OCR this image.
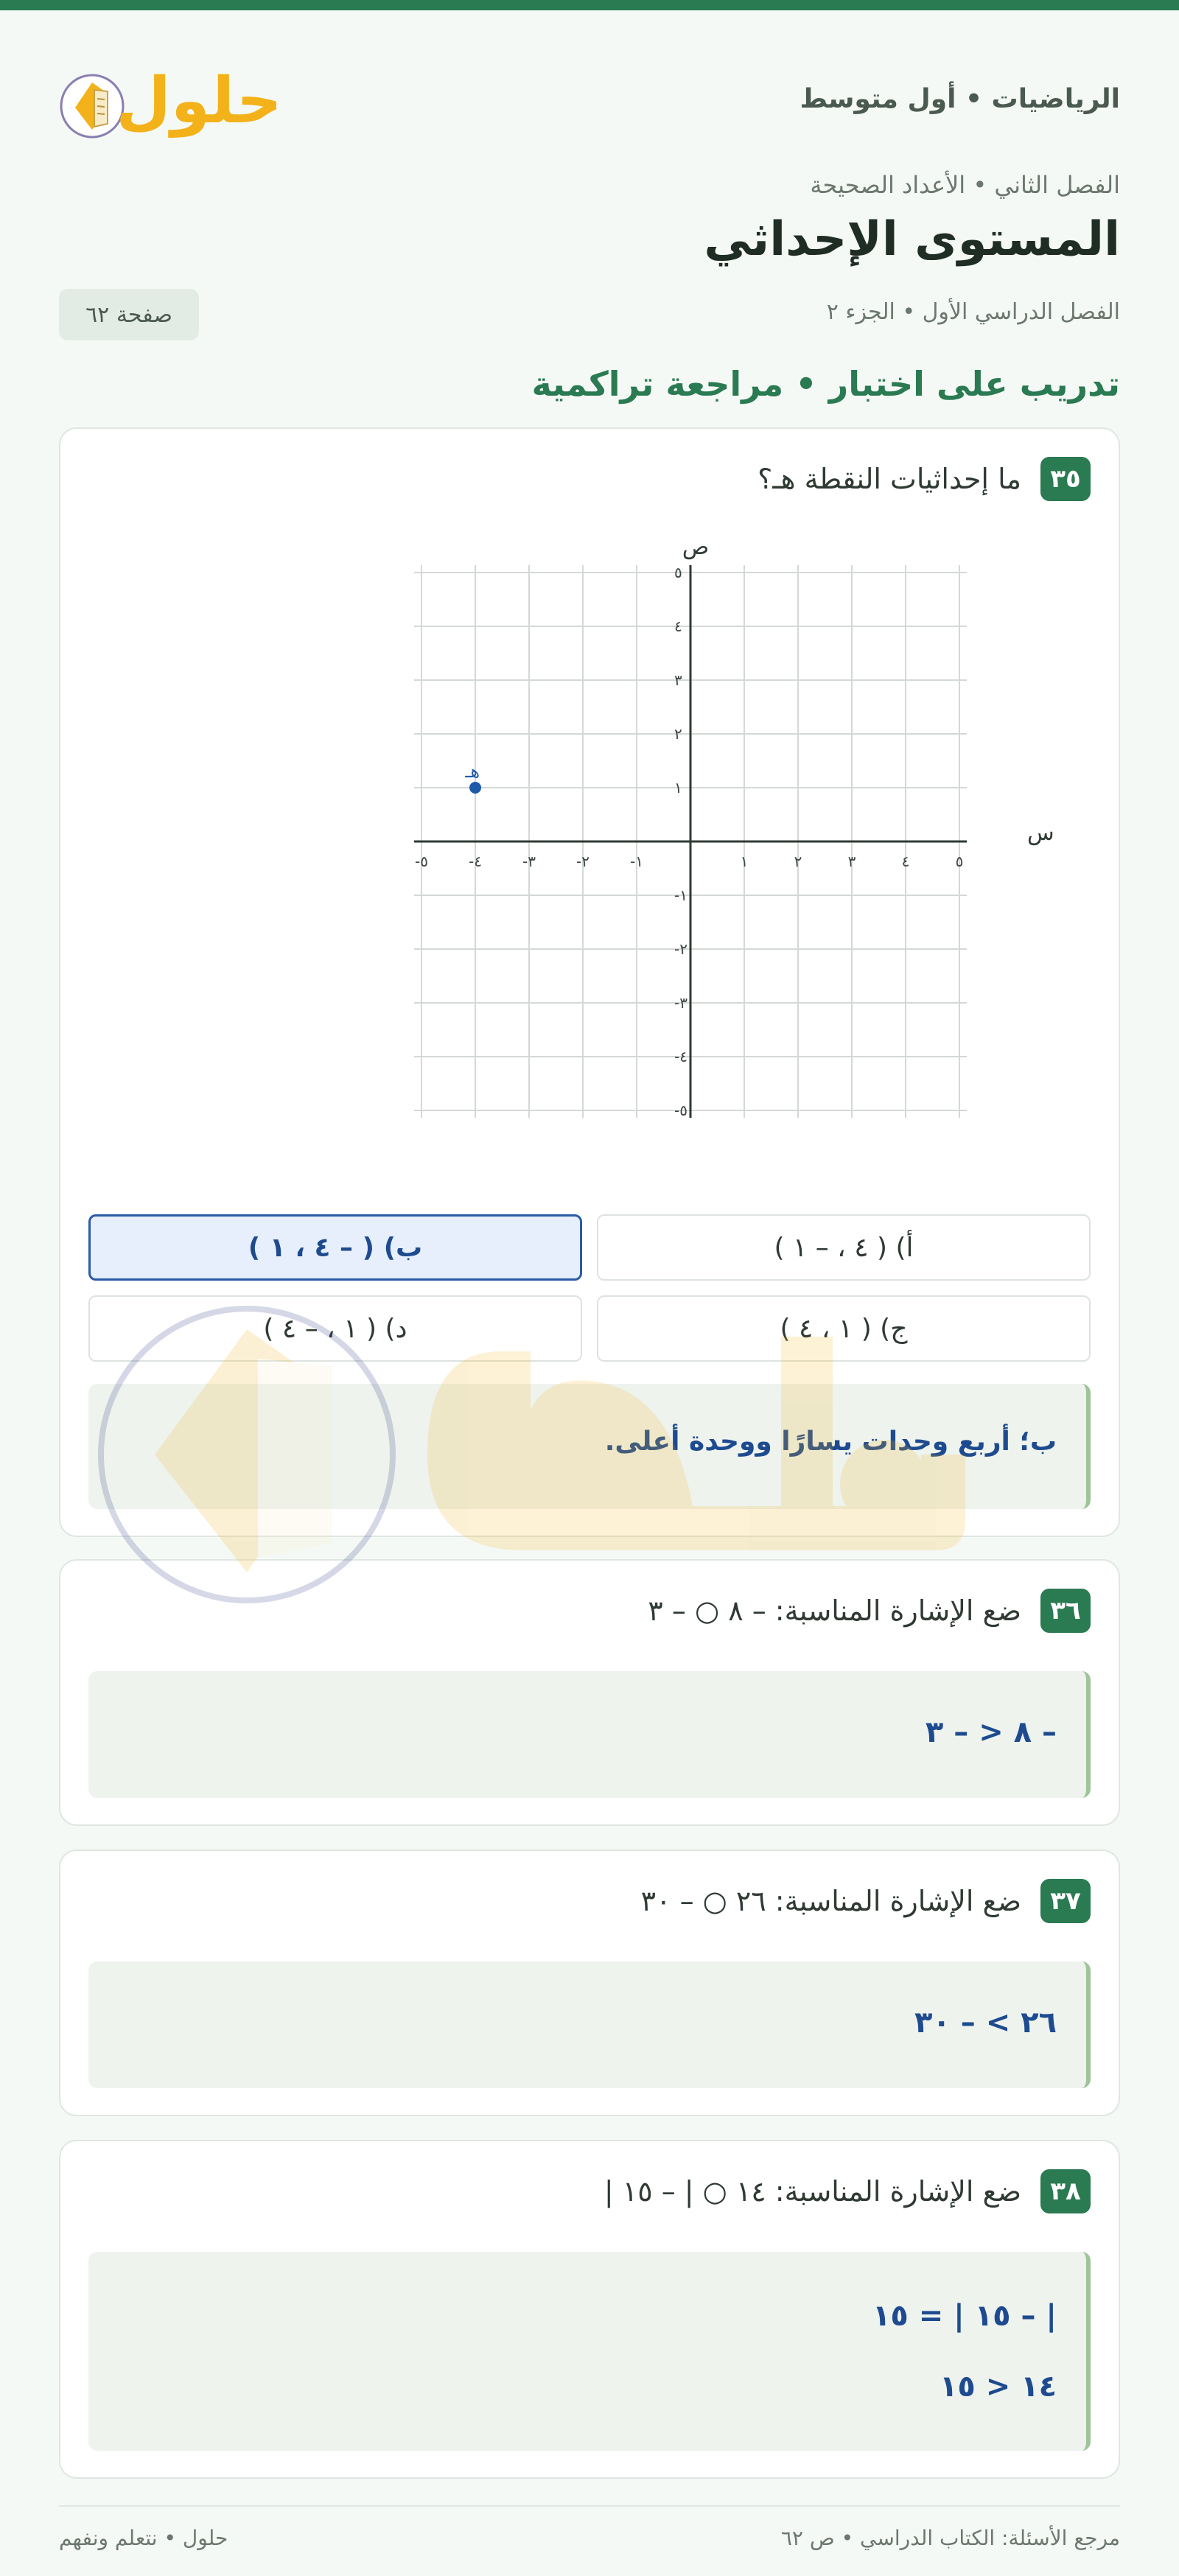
الرياضيات • أول متوسط
حلول
الفصل الثاني • الأعداد الصحيحة
المستوى الإحداثي
الفصل الدراسي الأول • الجزء ٢
صفحة ٦٢
تدريب على اختبار • مراجعة تراكمية
٣٥
ما إحداثيات النقطة هـ؟
٥-	٤-	٣-	٢-	١-	١	٢	٣	٤	٥
٥
٤
٣
٢
١
١-
٢-
٣-
٤-
٥-
س
ص
هـ
أ) ( ٤ ، – ١ )
ب) ( – ٤ ، ١ )
ج) ( ١ ، ٤ )
د) ( ١ ، – ٤ )
ب؛ أربع وحدات يسارًا ووحدة أعلى.
٣٦
ضع الإشارة المناسبة: – ٨ ○ – ٣
– ٨ < – ٣
٣٧
ضع الإشارة المناسبة: ٢٦ ○ – ٣٠
٢٦ > – ٣٠
٣٨
ضع الإشارة المناسبة: ١٤ ○ | – ١٥ |
| – ١٥ | = ١٥
١٤ < ١٥
مرجع الأسئلة: الكتاب الدراسي • ص ٦٢
حلول • نتعلم ونفهم
